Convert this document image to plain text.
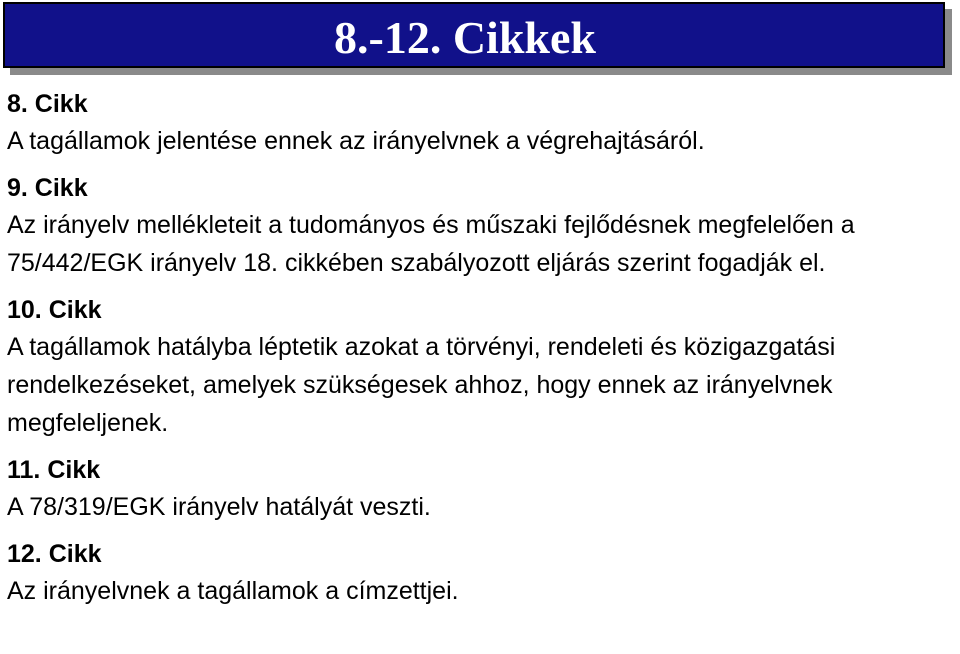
8.-12. Cikkek

8. Cikk

A tagállamok jelentése ennek az irányelvnek a végrehajtásáról.

9. Cikk

Az irányelv mellékleteit a tudományos és műszaki fejlődésnek megfelelően a 75/442/EGK irányelv 18. cikkében szabályozott eljárás szerint fogadják el.

10. Cikk

A tagállamok hatályba léptetik azokat a törvényi, rendeleti és közigazgatási rendelkezéseket, amelyek szükségesek ahhoz, hogy ennek az irányelvnek megfeleljenek.

11. Cikk

A 78/319/EGK irányelv hatályát veszti.

12. Cikk

Az irányelvnek a tagállamok a címzettjei.
